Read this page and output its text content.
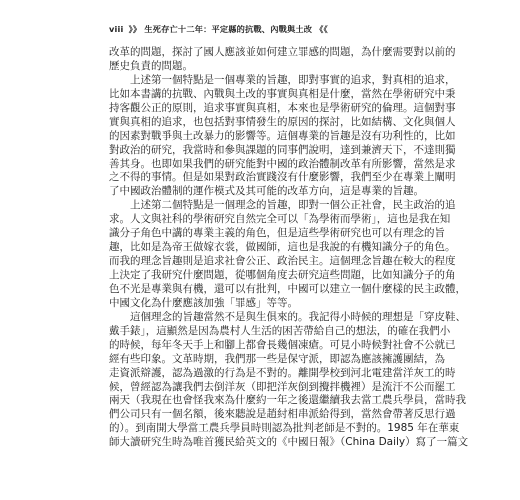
viii 》》 生死存亡十二年：平定縣的抗戰、內戰與土改 《《
改革的問題，探討了國人應該並如何建立罪感的問題，為什麼需要對以前的
歷史負責的問題。
上述第一個特點是一個專業的旨趣，即對事實的追求，對真相的追求，
比如本書講的抗戰、內戰與土改的事實與真相是什麼，當然在學術研究中秉
持客觀公正的原則，追求事實與真相，本來也是學術研究的倫理。這個對事
實與真相的追求，也包括對事情發生的原因的探討，比如結構、文化與個人
的因素對戰爭與土改暴力的影響等。這個專業的旨趣是沒有功利性的，比如
對政治的研究，我當時和參與課題的同事們說明，達到兼濟天下，不達則獨
善其身。也即如果我們的研究能對中國的政治體制改革有所影響，當然是求
之不得的事情。但是如果對政治實踐沒有什麼影響，我們至少在專業上闡明
了中國政治體制的運作模式及其可能的改革方向，這是專業的旨趣。
上述第二個特點是一個理念的旨趣，即對一個公正社會，民主政治的追
求。人文與社科的學術研究自然完全可以「為學術而學術」，這也是我在知
識分子角色中講的專業主義的角色，但是這些學術研究也可以有理念的旨
趣，比如是為帝王做嫁衣裳，做國師，這也是我說的有機知識分子的角色。
而我的理念旨趣則是追求社會公正、政治民主。這個理念旨趣在較大的程度
上決定了我研究什麼問題，從哪個角度去研究這些問題，比如知識分子的角
色不光是專業與有機，還可以有批判，中國可以建立一個什麼樣的民主政體，
中國文化為什麼應該加強「罪感」等等。
這個理念的旨趣當然不是與生俱來的。我記得小時候的理想是「穿皮鞋、
戴手錶」，這顯然是因為農村人生活的困苦帶給自己的想法，的確在我們小
的時候，每年冬天手上和腳上都會長幾個凍瘡。可見小時候對社會不公就已
經有些印象。文革時期，我們那一些是保守派，即認為應該擁護團結，為
走資派辯護，認為過激的行為是不對的。離開學校到河北電建當洋灰工的時
候，曾經認為讓我們去倒洋灰（即把洋灰倒到攪拌機裡）是流汗不公而罷工
兩天（我現在也會怪我來為什麼約一年之後還繼續我去當工農兵學員，當時我
們公司只有一個名額，後來聽說是趙紂相串派給得到，當然會帶著反思行過
的）。到南開大學當工農兵學員時則認為批判老師是不對的。1985 年在華東
師大讀研究生時為唯首獲民給英文的《中國日報》（China Daily）寫了一篇文
